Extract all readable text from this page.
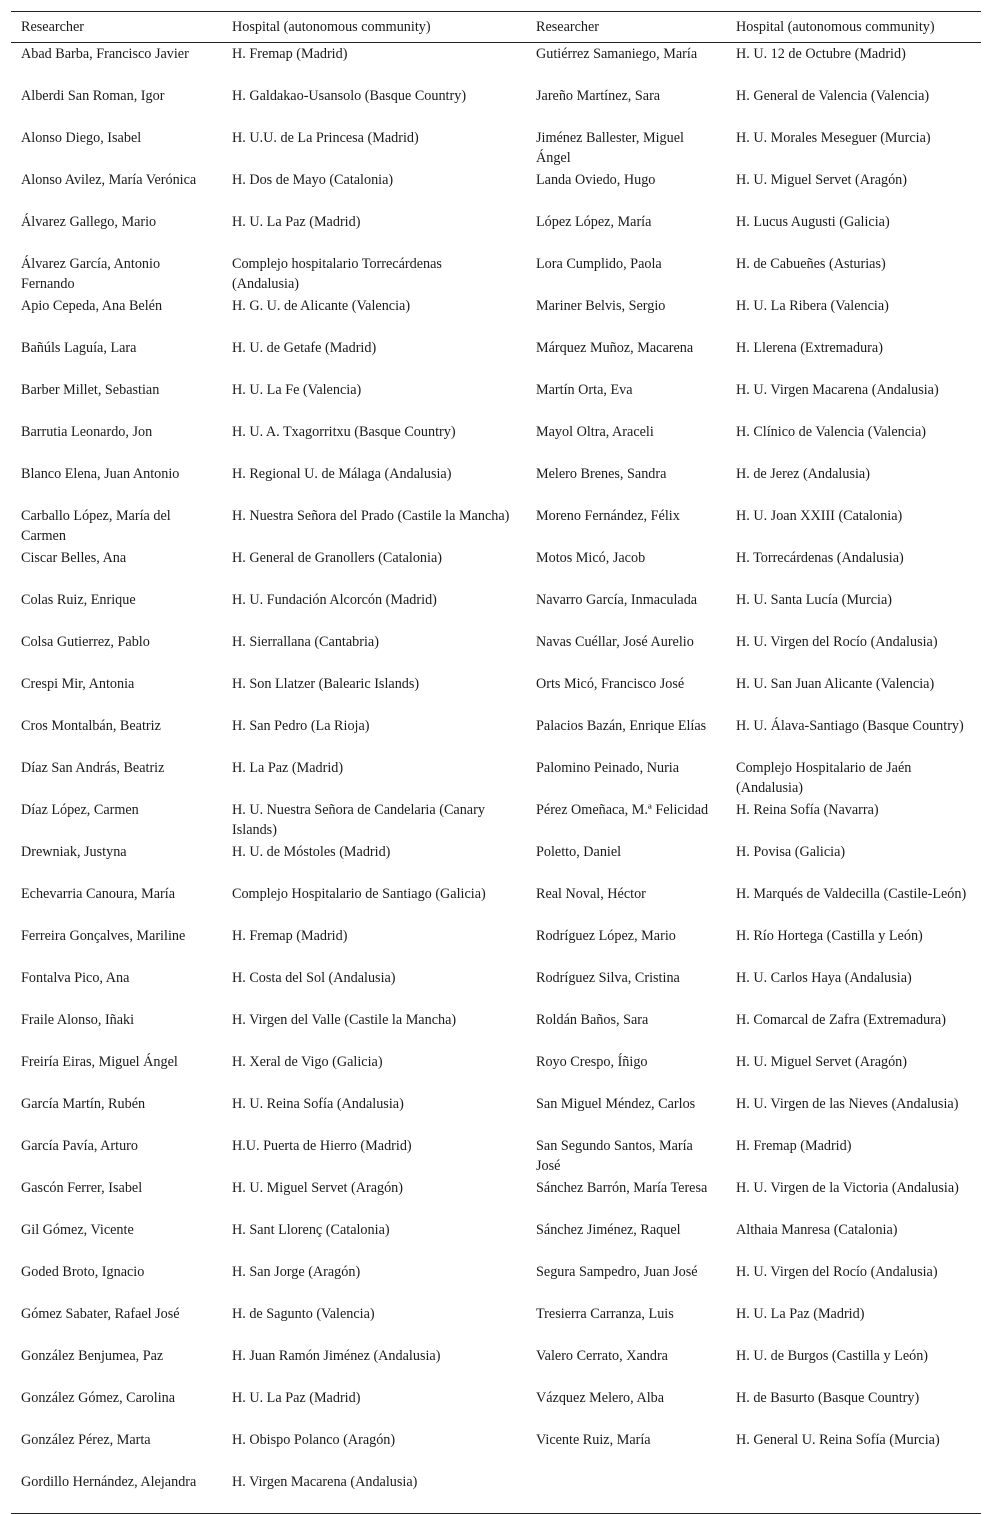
Researcher	Hospital (autonomous community)	Researcher	Hospital (autonomous community)

Abad Barba, Francisco Javier	H. Fremap (Madrid)	Gutiérrez Samaniego, María	H. U. 12 de Octubre (Madrid)

Alberdi San Roman, Igor	H. Galdakao-Usansolo (Basque Country)	Jareño Martínez, Sara	H. General de Valencia (Valencia)

Alonso Diego, Isabel	H. U.U. de La Princesa (Madrid)	Jiménez Ballester, Miguel Ángel	H. U. Morales Meseguer (Murcia)

Alonso Avilez, María Verónica	H. Dos de Mayo (Catalonia)	Landa Oviedo, Hugo	H. U. Miguel Servet (Aragón)

Álvarez Gallego, Mario	H. U. La Paz (Madrid)	López López, María	H. Lucus Augusti (Galicia)

Álvarez García, Antonio Fernando	Complejo hospitalario Torrecárdenas (Andalusia)	Lora Cumplido, Paola	H. de Cabueñes (Asturias)

Apio Cepeda, Ana Belén	H. G. U. de Alicante (Valencia)	Mariner Belvis, Sergio	H. U. La Ribera (Valencia)

Bañúls Laguía, Lara	H. U. de Getafe (Madrid)	Márquez Muñoz, Macarena	H. Llerena (Extremadura)

Barber Millet, Sebastian	H. U. La Fe (Valencia)	Martín Orta, Eva	H. U. Virgen Macarena (Andalusia)

Barrutia Leonardo, Jon	H. U. A. Txagorritxu (Basque Country)	Mayol Oltra, Araceli	H. Clínico de Valencia (Valencia)

Blanco Elena, Juan Antonio	H. Regional U. de Málaga (Andalusia)	Melero Brenes, Sandra	H. de Jerez (Andalusia)

Carballo López, María del Carmen	H. Nuestra Señora del Prado (Castile la Mancha)	Moreno Fernández, Félix	H. U. Joan XXIII (Catalonia)

Ciscar Belles, Ana	H. General de Granollers (Catalonia)	Motos Micó, Jacob	H. Torrecárdenas (Andalusia)

Colas Ruiz, Enrique	H. U. Fundación Alcorcón (Madrid)	Navarro García, Inmaculada	H. U. Santa Lucía (Murcia)

Colsa Gutierrez, Pablo	H. Sierrallana (Cantabria)	Navas Cuéllar, José Aurelio	H. U. Virgen del Rocío (Andalusia)

Crespi Mir, Antonia	H. Son Llatzer (Balearic Islands)	Orts Micó, Francisco José	H. U. San Juan Alicante (Valencia)

Cros Montalbán, Beatriz	H. San Pedro (La Rioja)	Palacios Bazán, Enrique Elías	H. U. Álava-Santiago (Basque Country)

Díaz San András, Beatriz	H. La Paz (Madrid)	Palomino Peinado, Nuria	Complejo Hospitalario de Jaén (Andalusia)

Díaz López, Carmen	H. U. Nuestra Señora de Candelaria (Canary Islands)	Pérez Omeñaca, M.ª Felicidad	H. Reina Sofía (Navarra)

Drewniak, Justyna	H. U. de Móstoles (Madrid)	Poletto, Daniel	H. Povisa (Galicia)

Echevarria Canoura, María	Complejo Hospitalario de Santiago (Galicia)	Real Noval, Héctor	H. Marqués de Valdecilla (Castile-León)

Ferreira Gonçalves, Mariline	H. Fremap (Madrid)	Rodríguez López, Mario	H. Río Hortega (Castilla y León)

Fontalva Pico, Ana	H. Costa del Sol (Andalusia)	Rodríguez Silva, Cristina	H. U. Carlos Haya (Andalusia)

Fraile Alonso, Iñaki	H. Virgen del Valle (Castile la Mancha)	Roldán Baños, Sara	H. Comarcal de Zafra (Extremadura)

Freiría Eiras, Miguel Ángel	H. Xeral de Vigo (Galicia)	Royo Crespo, Íñigo	H. U. Miguel Servet (Aragón)

García Martín, Rubén	H. U. Reina Sofía (Andalusia)	San Miguel Méndez, Carlos	H. U. Virgen de las Nieves (Andalusia)

García Pavía, Arturo	H.U. Puerta de Hierro (Madrid)	San Segundo Santos, María José	H. Fremap (Madrid)

Gascón Ferrer, Isabel	H. U. Miguel Servet (Aragón)	Sánchez Barrón, María Teresa	H. U. Virgen de la Victoria (Andalusia)

Gil Gómez, Vicente	H. Sant Llorenç (Catalonia)	Sánchez Jiménez, Raquel	Althaia Manresa (Catalonia)

Goded Broto, Ignacio	H. San Jorge (Aragón)	Segura Sampedro, Juan José	H. U. Virgen del Rocío (Andalusia)

Gómez Sabater, Rafael José	H. de Sagunto (Valencia)	Tresierra Carranza, Luis	H. U. La Paz (Madrid)

González Benjumea, Paz	H. Juan Ramón Jiménez (Andalusia)	Valero Cerrato, Xandra	H. U. de Burgos (Castilla y León)

González Gómez, Carolina	H. U. La Paz (Madrid)	Vázquez Melero, Alba	H. de Basurto (Basque Country)

González Pérez, Marta	H. Obispo Polanco (Aragón)	Vicente Ruiz, María	H. General U. Reina Sofía (Murcia)

Gordillo Hernández, Alejandra	H. Virgen Macarena (Andalusia)		
